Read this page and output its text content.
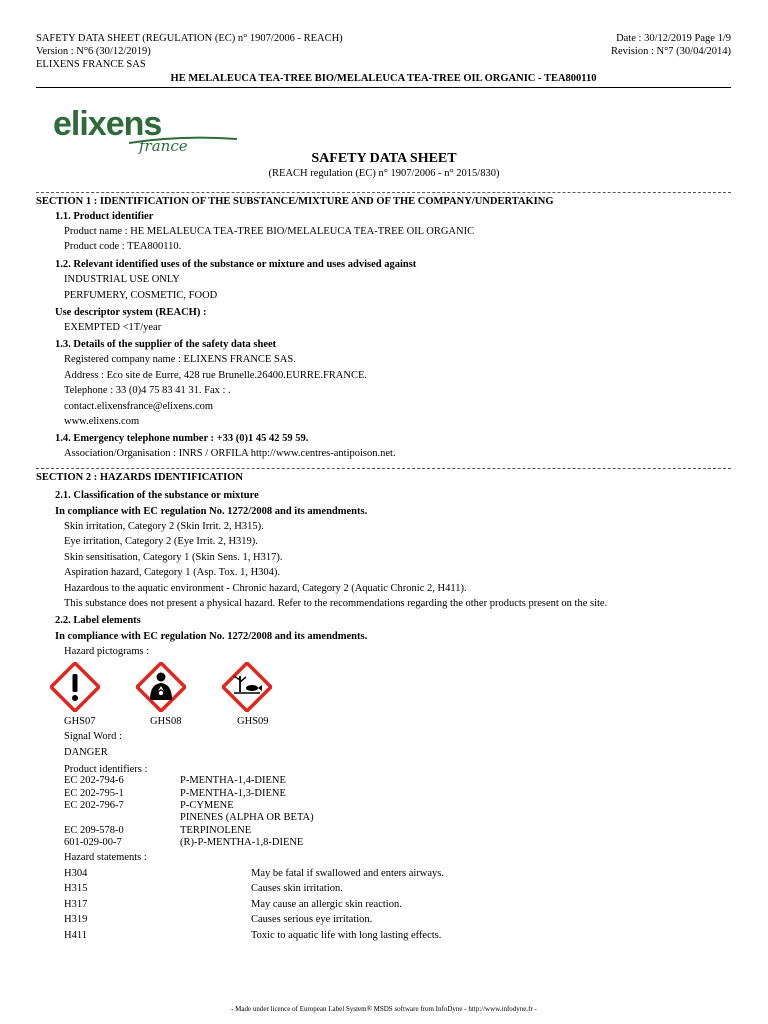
SAFETY DATA SHEET (REGULATION (EC) n° 1907/2006 - REACH)	Date : 30/12/2019 Page 1/9
Version : N°6 (30/12/2019)	Revision : N°7 (30/04/2014)
ELIXENS FRANCE SAS
HE MELALEUCA TEA-TREE BIO/MELALEUCA TEA-TREE OIL ORGANIC - TEA800110
elixens
france
SAFETY DATA SHEET
(REACH regulation (EC) n° 1907/2006 - n° 2015/830)
SECTION 1 : IDENTIFICATION OF THE SUBSTANCE/MIXTURE AND OF THE COMPANY/UNDERTAKING
1.1. Product identifier
Product name : HE MELALEUCA TEA-TREE BIO/MELALEUCA TEA-TREE OIL ORGANIC
Product code : TEA800110.
1.2. Relevant identified uses of the substance or mixture and uses advised against
INDUSTRIAL USE ONLY
PERFUMERY, COSMETIC, FOOD
Use descriptor system (REACH) :
EXEMPTED <1T/year
1.3. Details of the supplier of the safety data sheet
Registered company name : ELIXENS FRANCE SAS.
Address : Eco site de Eurre, 428 rue Brunelle.26400.EURRE.FRANCE.
Telephone : 33 (0)4 75 83 41 31. Fax : .
contact.elixensfrance@elixens.com
www.elixens.com
1.4. Emergency telephone number : +33 (0)1 45 42 59 59.
Association/Organisation : INRS / ORFILA http://www.centres-antipoison.net.
SECTION 2 : HAZARDS IDENTIFICATION
2.1. Classification of the substance or mixture
In compliance with EC regulation No. 1272/2008 and its amendments.
Skin irritation, Category 2 (Skin Irrit. 2, H315).
Eye irritation, Category 2 (Eye Irrit. 2, H319).
Skin sensitisation, Category 1 (Skin Sens. 1, H317).
Aspiration hazard, Category 1 (Asp. Tox. 1, H304).
Hazardous to the aquatic environment - Chronic hazard, Category 2 (Aquatic Chronic 2, H411).
This substance does not present a physical hazard. Refer to the recommendations regarding the other products present on the site.
2.2. Label elements
In compliance with EC regulation No. 1272/2008 and its amendments.
Hazard pictograms :
GHS07	GHS08	GHS09
Signal Word :
DANGER
Product identifiers :
EC 202-794-6	P-MENTHA-1,4-DIENE
EC 202-795-1	P-MENTHA-1,3-DIENE
EC 202-796-7	P-CYMENE
PINENES (ALPHA OR BETA)
EC 209-578-0	TERPINOLENE
601-029-00-7	(R)-P-MENTHA-1,8-DIENE
Hazard statements :
H304	May be fatal if swallowed and enters airways.
H315	Causes skin irritation.
H317	May cause an allergic skin reaction.
H319	Causes serious eye irritation.
H411	Toxic to aquatic life with long lasting effects.
- Made under licence of European Label System® MSDS software from InfoDyne - http://www.infodyne.fr -
